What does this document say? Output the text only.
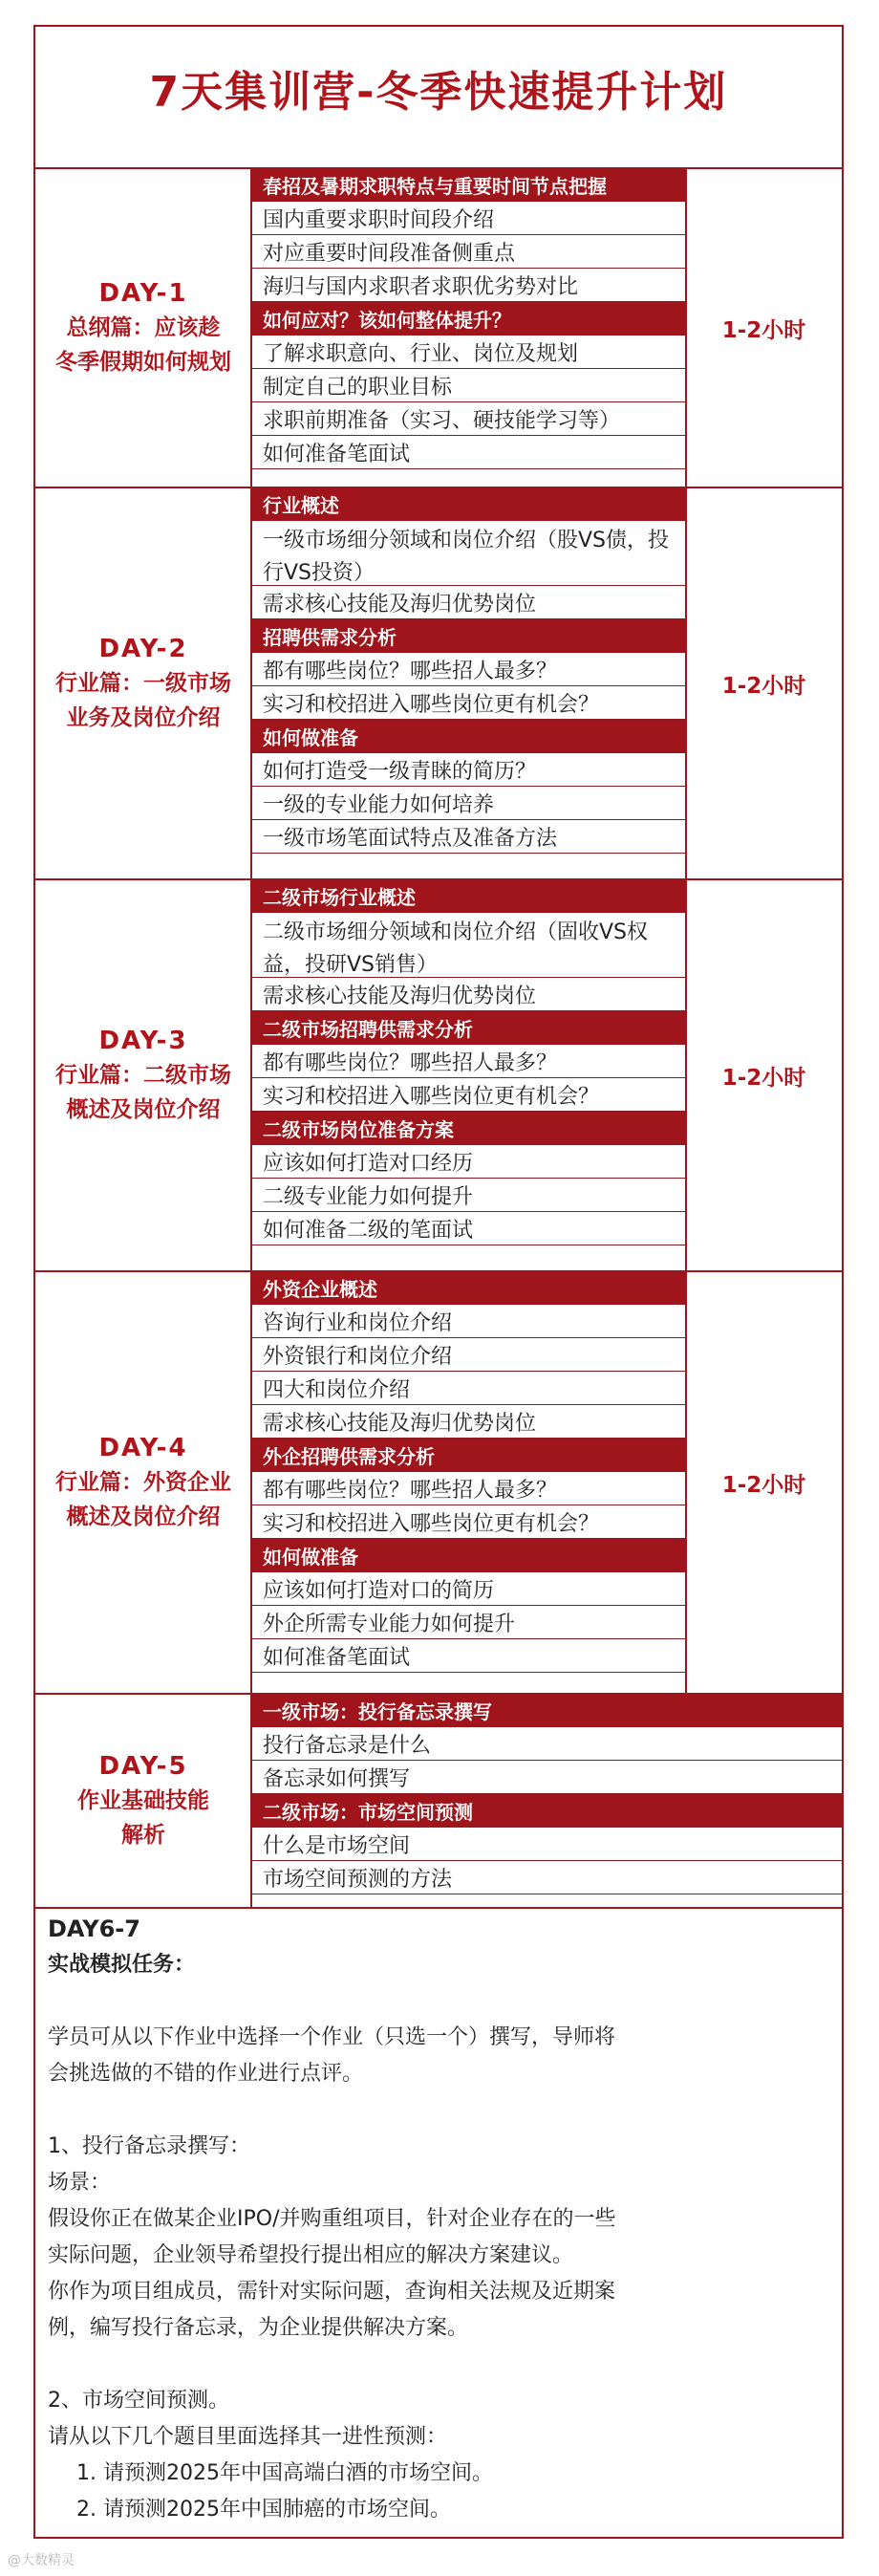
7天集训营-冬季快速提升计划
DAY-1
总纲篇：应该趁
冬季假期如何规划
1-2小时
春招及暑期求职特点与重要时间节点把握
国内重要求职时间段介绍
对应重要时间段准备侧重点
海归与国内求职者求职优劣势对比
如何应对？该如何整体提升？
了解求职意向、行业、岗位及规划
制定自己的职业目标
求职前期准备（实习、硬技能学习等）
如何准备笔面试
DAY-2
行业篇：一级市场
业务及岗位介绍
1-2小时
行业概述
一级市场细分领域和岗位介绍（股VS债，投行VS投资）
需求核心技能及海归优势岗位
招聘供需求分析
都有哪些岗位？哪些招人最多？
实习和校招进入哪些岗位更有机会？
如何做准备
如何打造受一级青睐的简历？
一级的专业能力如何培养
一级市场笔面试特点及准备方法
DAY-3
行业篇：二级市场
概述及岗位介绍
1-2小时
二级市场行业概述
二级市场细分领域和岗位介绍（固收VS权益，投研VS销售）
需求核心技能及海归优势岗位
二级市场招聘供需求分析
都有哪些岗位？哪些招人最多？
实习和校招进入哪些岗位更有机会？
二级市场岗位准备方案
应该如何打造对口经历
二级专业能力如何提升
如何准备二级的笔面试
DAY-4
行业篇：外资企业
概述及岗位介绍
1-2小时
外资企业概述
咨询行业和岗位介绍
外资银行和岗位介绍
四大和岗位介绍
需求核心技能及海归优势岗位
外企招聘供需求分析
都有哪些岗位？哪些招人最多？
实习和校招进入哪些岗位更有机会？
如何做准备
应该如何打造对口的简历
外企所需专业能力如何提升
如何准备笔面试
DAY-5
作业基础技能
解析
一级市场：投行备忘录撰写
投行备忘录是什么
备忘录如何撰写
二级市场：市场空间预测
什么是市场空间
市场空间预测的方法
DAY6-7
实战模拟任务：
学员可从以下作业中选择一个作业（只选一个）撰写，导师将
会挑选做的不错的作业进行点评。
1、投行备忘录撰写：
场景：
假设你正在做某企业IPO/并购重组项目，针对企业存在的一些
实际问题，企业领导希望投行提出相应的解决方案建议。
你作为项目组成员，需针对实际问题，查询相关法规及近期案
例，编写投行备忘录，为企业提供解决方案。
2、市场空间预测。
请从以下几个题目里面选择其一进性预测：
1. 请预测2025年中国高端白酒的市场空间。
2. 请预测2025年中国肺癌的市场空间。
@大数精灵
